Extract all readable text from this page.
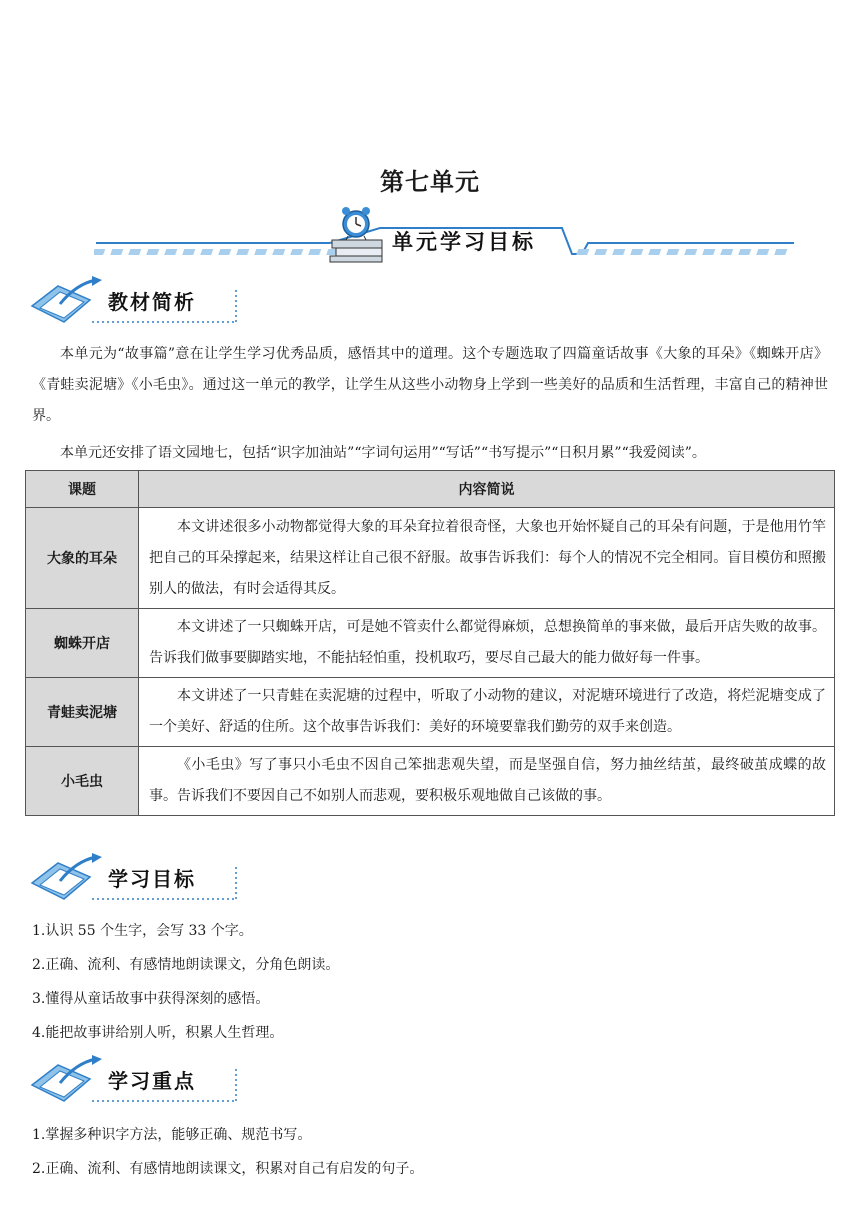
第七单元
单元学习目标
教材简析
本单元为“故事篇”意在让学生学习优秀品质，感悟其中的道理。这个专题选取了四篇童话故事《大象的耳朵》《蜘蛛开店》《青蛙卖泥塘》《小毛虫》。通过这一单元的教学，让学生从这些小动物身上学到一些美好的品质和生活哲理，丰富自己的精神世界。
本单元还安排了语文园地七，包括“识字加油站”“字词句运用”“写话”“书写提示”“日积月累”“我爱阅读”。
课题	内容简说
大象的耳朵	本文讲述很多小动物都觉得大象的耳朵耷拉着很奇怪，大象也开始怀疑自己的耳朵有问题，于是他用竹竿把自己的耳朵撑起来，结果这样让自己很不舒服。故事告诉我们：每个人的情况不完全相同。盲目模仿和照搬别人的做法，有时会适得其反。
蜘蛛开店	本文讲述了一只蜘蛛开店，可是她不管卖什么都觉得麻烦，总想换简单的事来做，最后开店失败的故事。告诉我们做事要脚踏实地，不能拈轻怕重，投机取巧，要尽自己最大的能力做好每一件事。
青蛙卖泥塘	本文讲述了一只青蛙在卖泥塘的过程中，听取了小动物的建议，对泥塘环境进行了改造，将烂泥塘变成了一个美好、舒适的住所。这个故事告诉我们：美好的环境要靠我们勤劳的双手来创造。
小毛虫	《小毛虫》写了事只小毛虫不因自己笨拙悲观失望，而是坚强自信，努力抽丝结茧，最终破茧成蝶的故事。告诉我们不要因自己不如别人而悲观，要积极乐观地做自己该做的事。
学习目标
1.认识 55 个生字，会写 33 个字。
2.正确、流利、有感情地朗读课文，分角色朗读。
3.懂得从童话故事中获得深刻的感悟。
4.能把故事讲给别人听，积累人生哲理。
学习重点
1.掌握多种识字方法，能够正确、规范书写。
2.正确、流利、有感情地朗读课文，积累对自己有启发的句子。
